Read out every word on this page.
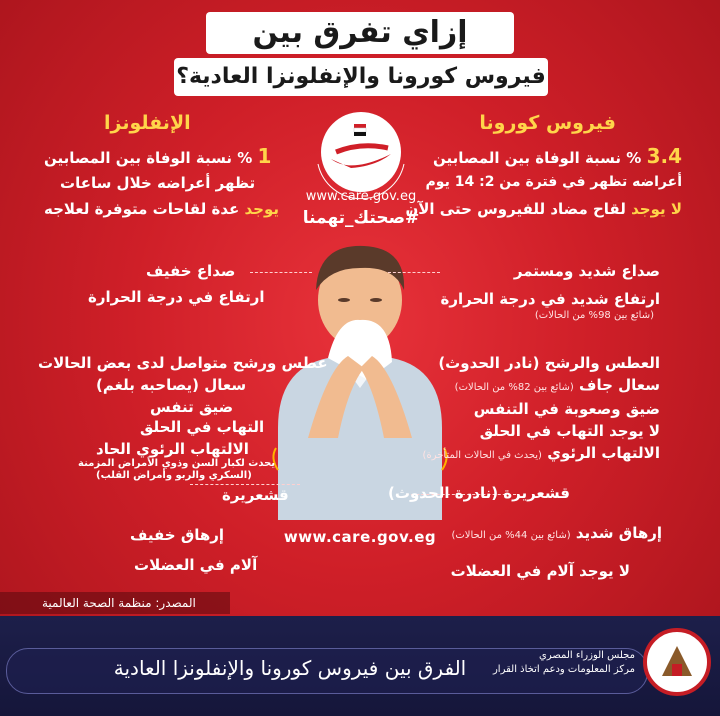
إزاي تفرق بين
فيروس كورونا والإنفلونزا العادية؟
فيروس كورونا
الإنفلونزا
3.4 % نسبة الوفاة بين المصابين
أعراضه تظهر في فترة من 2: 14 يوم
لا يوجد لقاح مضاد للفيروس حتى الآن
1 % نسبة الوفاة بين المصابين
تظهر أعراضه خلال ساعات
يوجد عدة لقاحات متوفرة لعلاجه
www.care.gov.eg
#صحتك_تهمنا
صداع شديد ومستمر
ارتفاع شديد في درجة الحرارة
(شائع بين 98% من الحالات)
العطس والرشح (نادر الحدوث)
سعال جاف (شائع بين 82% من الحالات)
ضيق وصعوبة في التنفس
لا يوجد التهاب في الحلق
الالتهاب الرئوي (يحدث في الحالات المتأخرة)
قشعريرة (نادرة الحدوث)
إرهاق شديد (شائع بين 44% من الحالات)
لا يوجد آلام في العضلات
صداع خفيف
ارتفاع في درجة الحرارة
عطس ورشح متواصل لدى بعض الحالات
سعال (يصاحبه بلغم)
ضيق تنفس
التهاب في الحلق
الالتهاب الرئوي الحاد
يحدث لكبار السن وذوي الأمراض المزمنة
(السكري والربو وأمراض القلب)
قشعريرة
إرهاق خفيف
آلام في العضلات
www.care.gov.eg
المصدر: منظمة الصحة العالمية
الفرق بين فيروس كورونا والإنفلونزا العادية
مجلس الوزراء المصري
مركز المعلومات ودعم اتخاذ القرار
